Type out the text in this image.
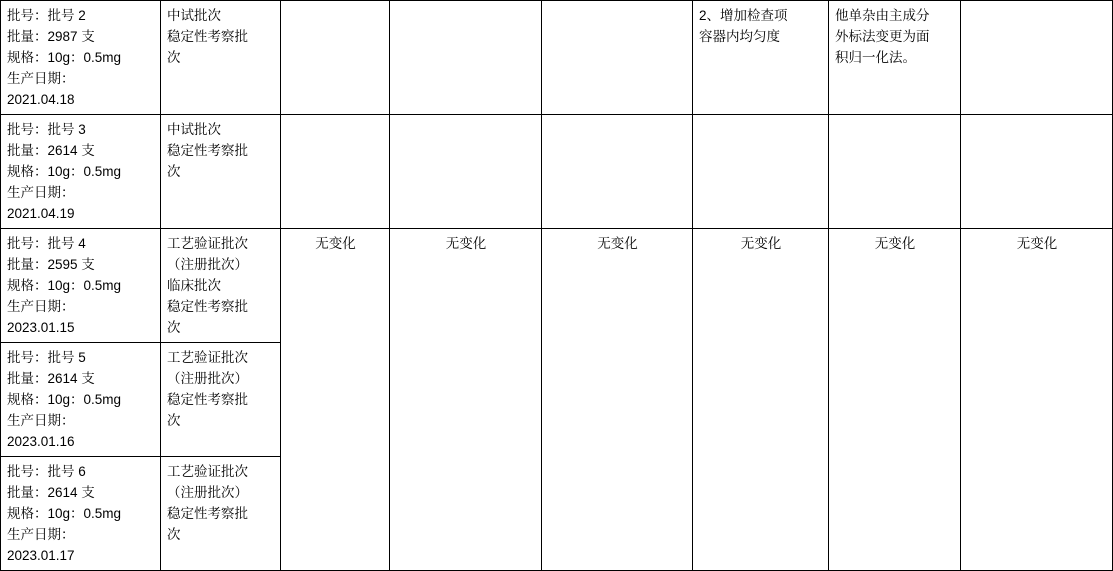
批号：批号 2
批量：2987 支
规格：10g：0.5mg
生产日期：
2021.04.18	中试批次
稳定性考察批
次				2、增加检查项
容器内均匀度	他单杂由主成分
外标法变更为面
积归一化法。	

批号：批号 3
批量：2614 支
规格：10g：0.5mg
生产日期：
2021.04.19	中试批次
稳定性考察批
次						

批号：批号 4
批量：2595 支
规格：10g：0.5mg
生产日期：
2023.01.15	工艺验证批次
（注册批次）
临床批次
稳定性考察批
次	无变化	无变化	无变化	无变化	无变化	无变化

批号：批号 5
批量：2614 支
规格：10g：0.5mg
生产日期：
2023.01.16	工艺验证批次
（注册批次）
稳定性考察批
次						

批号：批号 6
批量：2614 支
规格：10g：0.5mg
生产日期：
2023.01.17	工艺验证批次
（注册批次）
稳定性考察批
次						
